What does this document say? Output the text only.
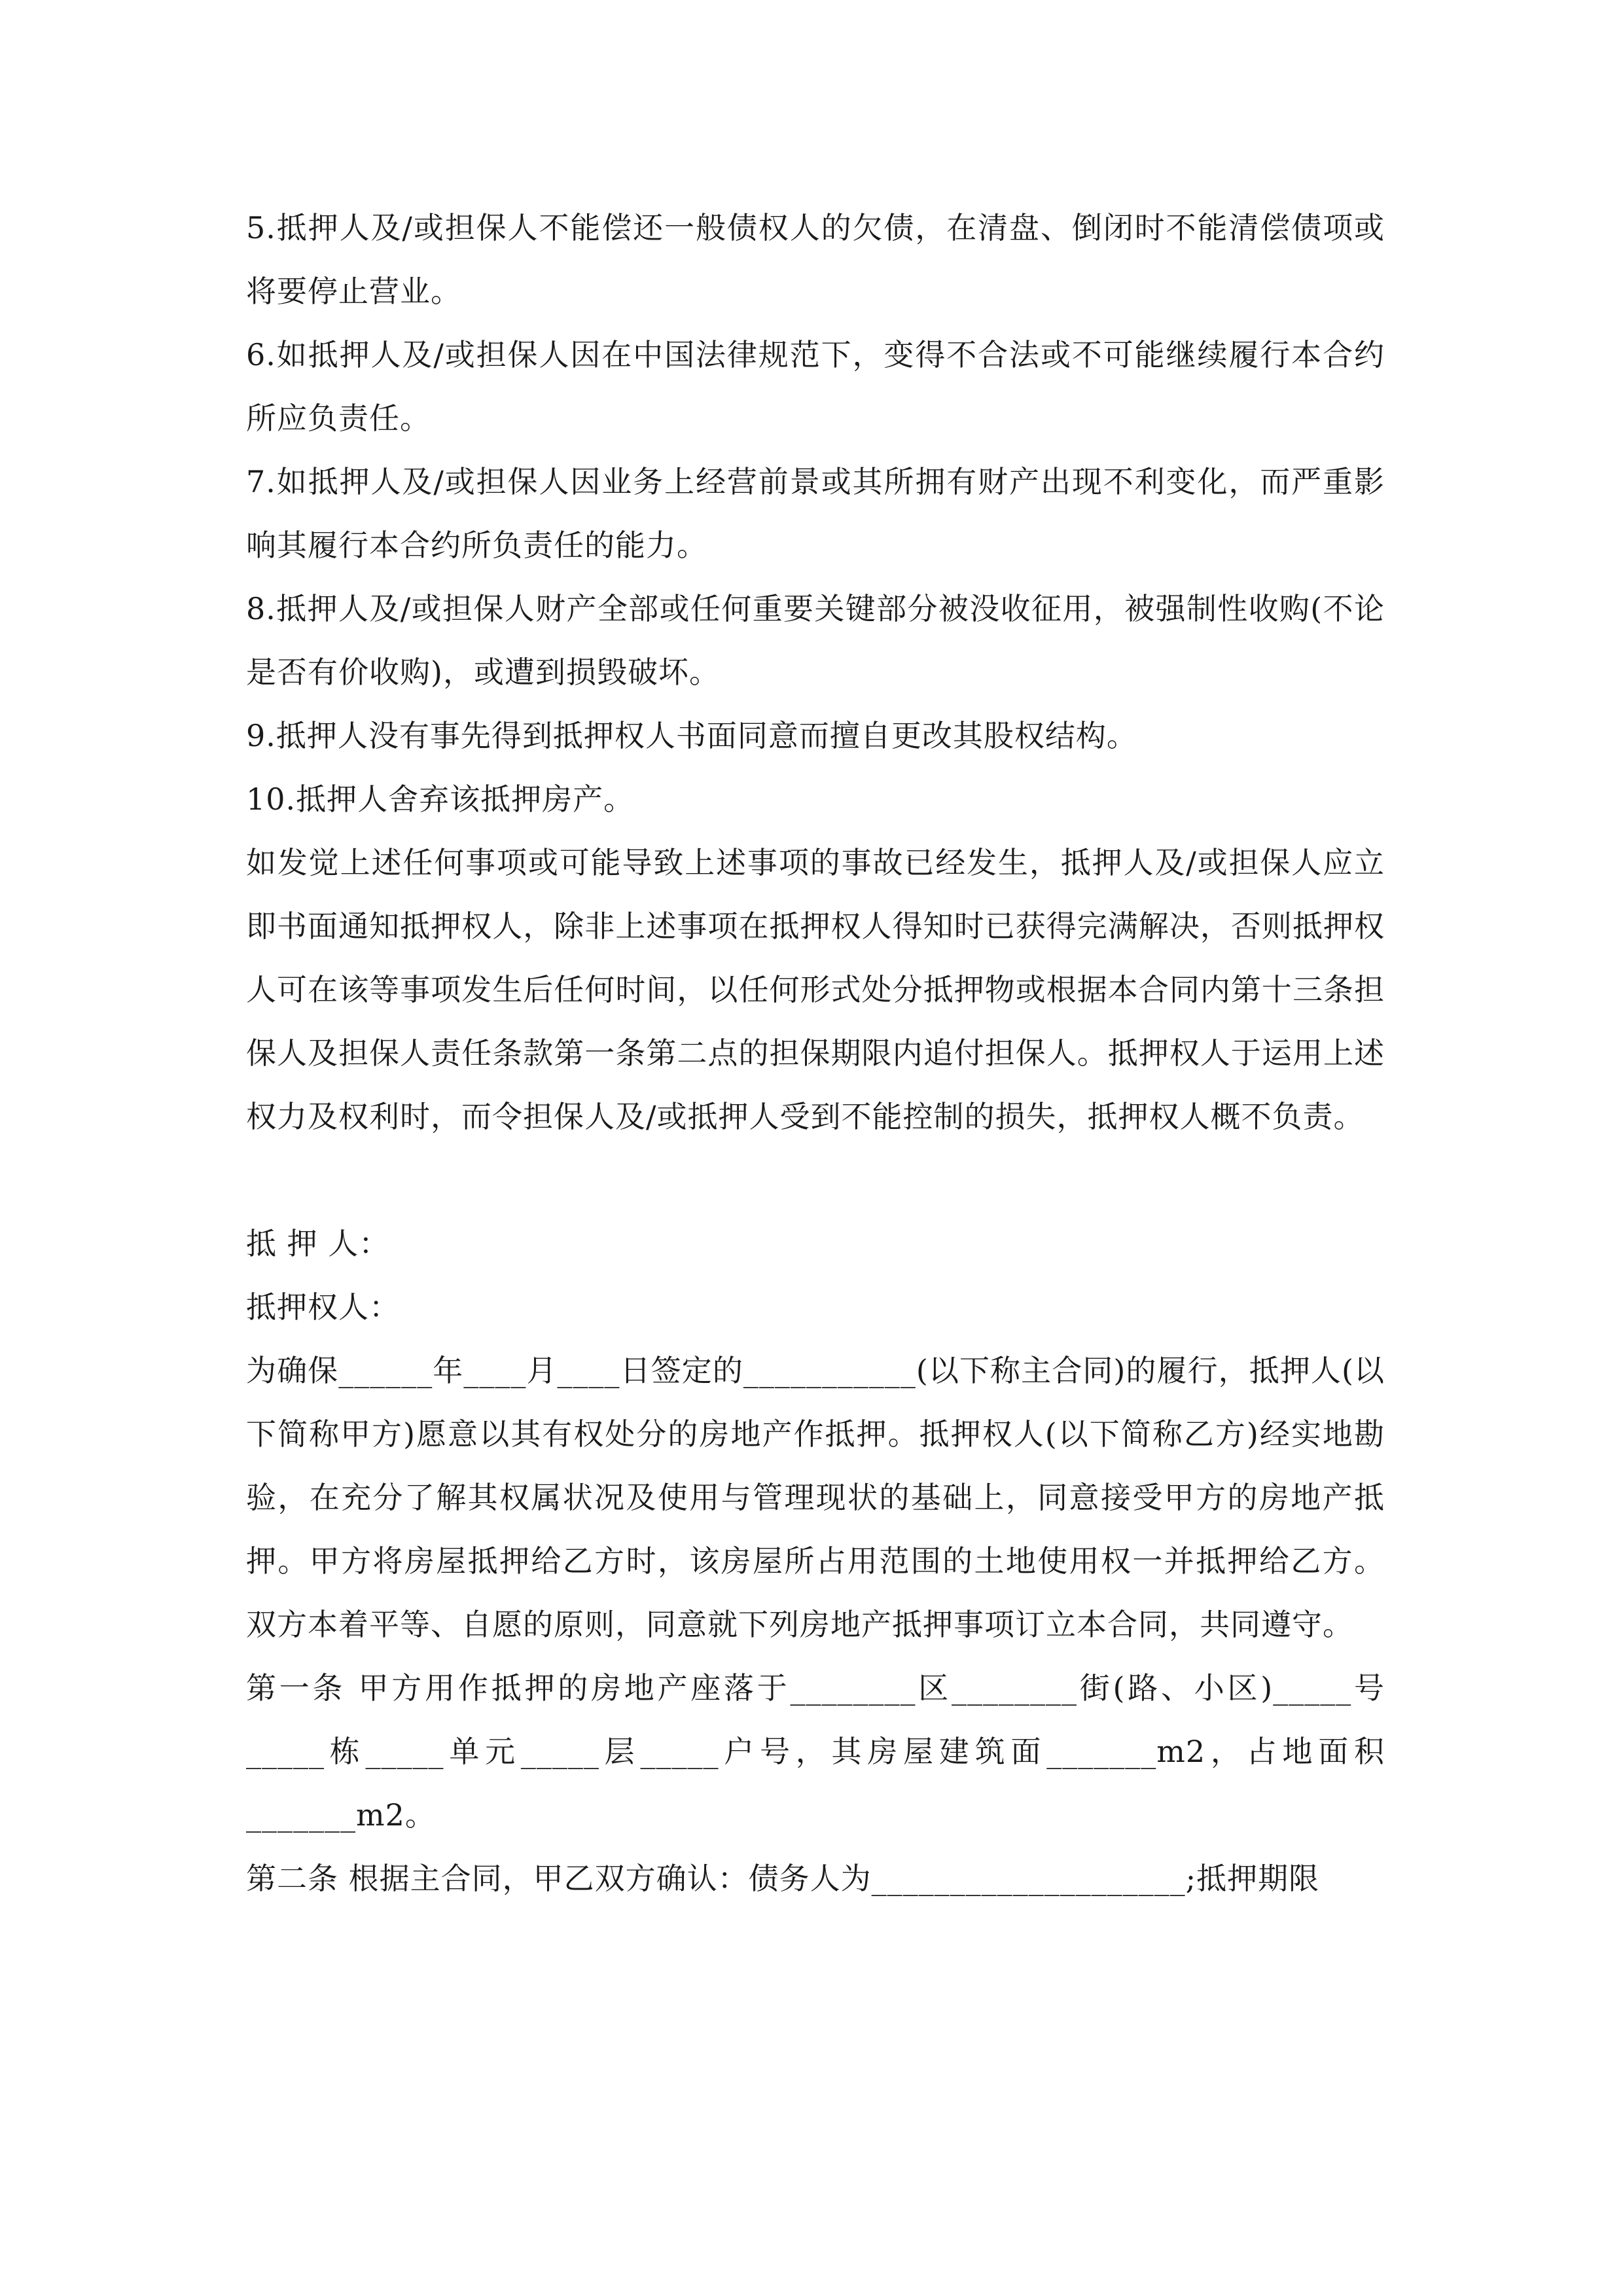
5.抵押人及/或担保人不能偿还一般债权人的欠债，在清盘、倒闭时不能清偿债项或将要停止营业。

6.如抵押人及/或担保人因在中国法律规范下，变得不合法或不可能继续履行本合约所应负责任。

7.如抵押人及/或担保人因业务上经营前景或其所拥有财产出现不利变化，而严重影响其履行本合约所负责任的能力。

8.抵押人及/或担保人财产全部或任何重要关键部分被没收征用，被强制性收购(不论是否有价收购)，或遭到损毁破坏。

9.抵押人没有事先得到抵押权人书面同意而擅自更改其股权结构。

10.抵押人舍弃该抵押房产。

如发觉上述任何事项或可能导致上述事项的事故已经发生，抵押人及/或担保人应立即书面通知抵押权人，除非上述事项在抵押权人得知时已获得完满解决，否则抵押权人可在该等事项发生后任何时间，以任何形式处分抵押物或根据本合同内第十三条担保人及担保人责任条款第一条第二点的担保期限内追付担保人。抵押权人于运用上述权力及权利时，而令担保人及/或抵押人受到不能控制的损失，抵押权人概不负责。

抵 押 人：

抵押权人：

为确保______年____月____日签定的___________(以下称主合同)的履行，抵押人(以下简称甲方)愿意以其有权处分的房地产作抵押。抵押权人(以下简称乙方)经实地勘验，在充分了解其权属状况及使用与管理现状的基础上，同意接受甲方的房地产抵押。甲方将房屋抵押给乙方时，该房屋所占用范围的土地使用权一并抵押给乙方。 双方本着平等、自愿的原则，同意就下列房地产抵押事项订立本合同，共同遵守。

第一条 甲方用作抵押的房地产座落于________区________街(路、小区)_____号_____栋_____单元_____层_____户号，其房屋建筑面_______m2，占地面积_______m2。

第二条 根据主合同，甲乙双方确认：债务人为____________________;抵押期限
